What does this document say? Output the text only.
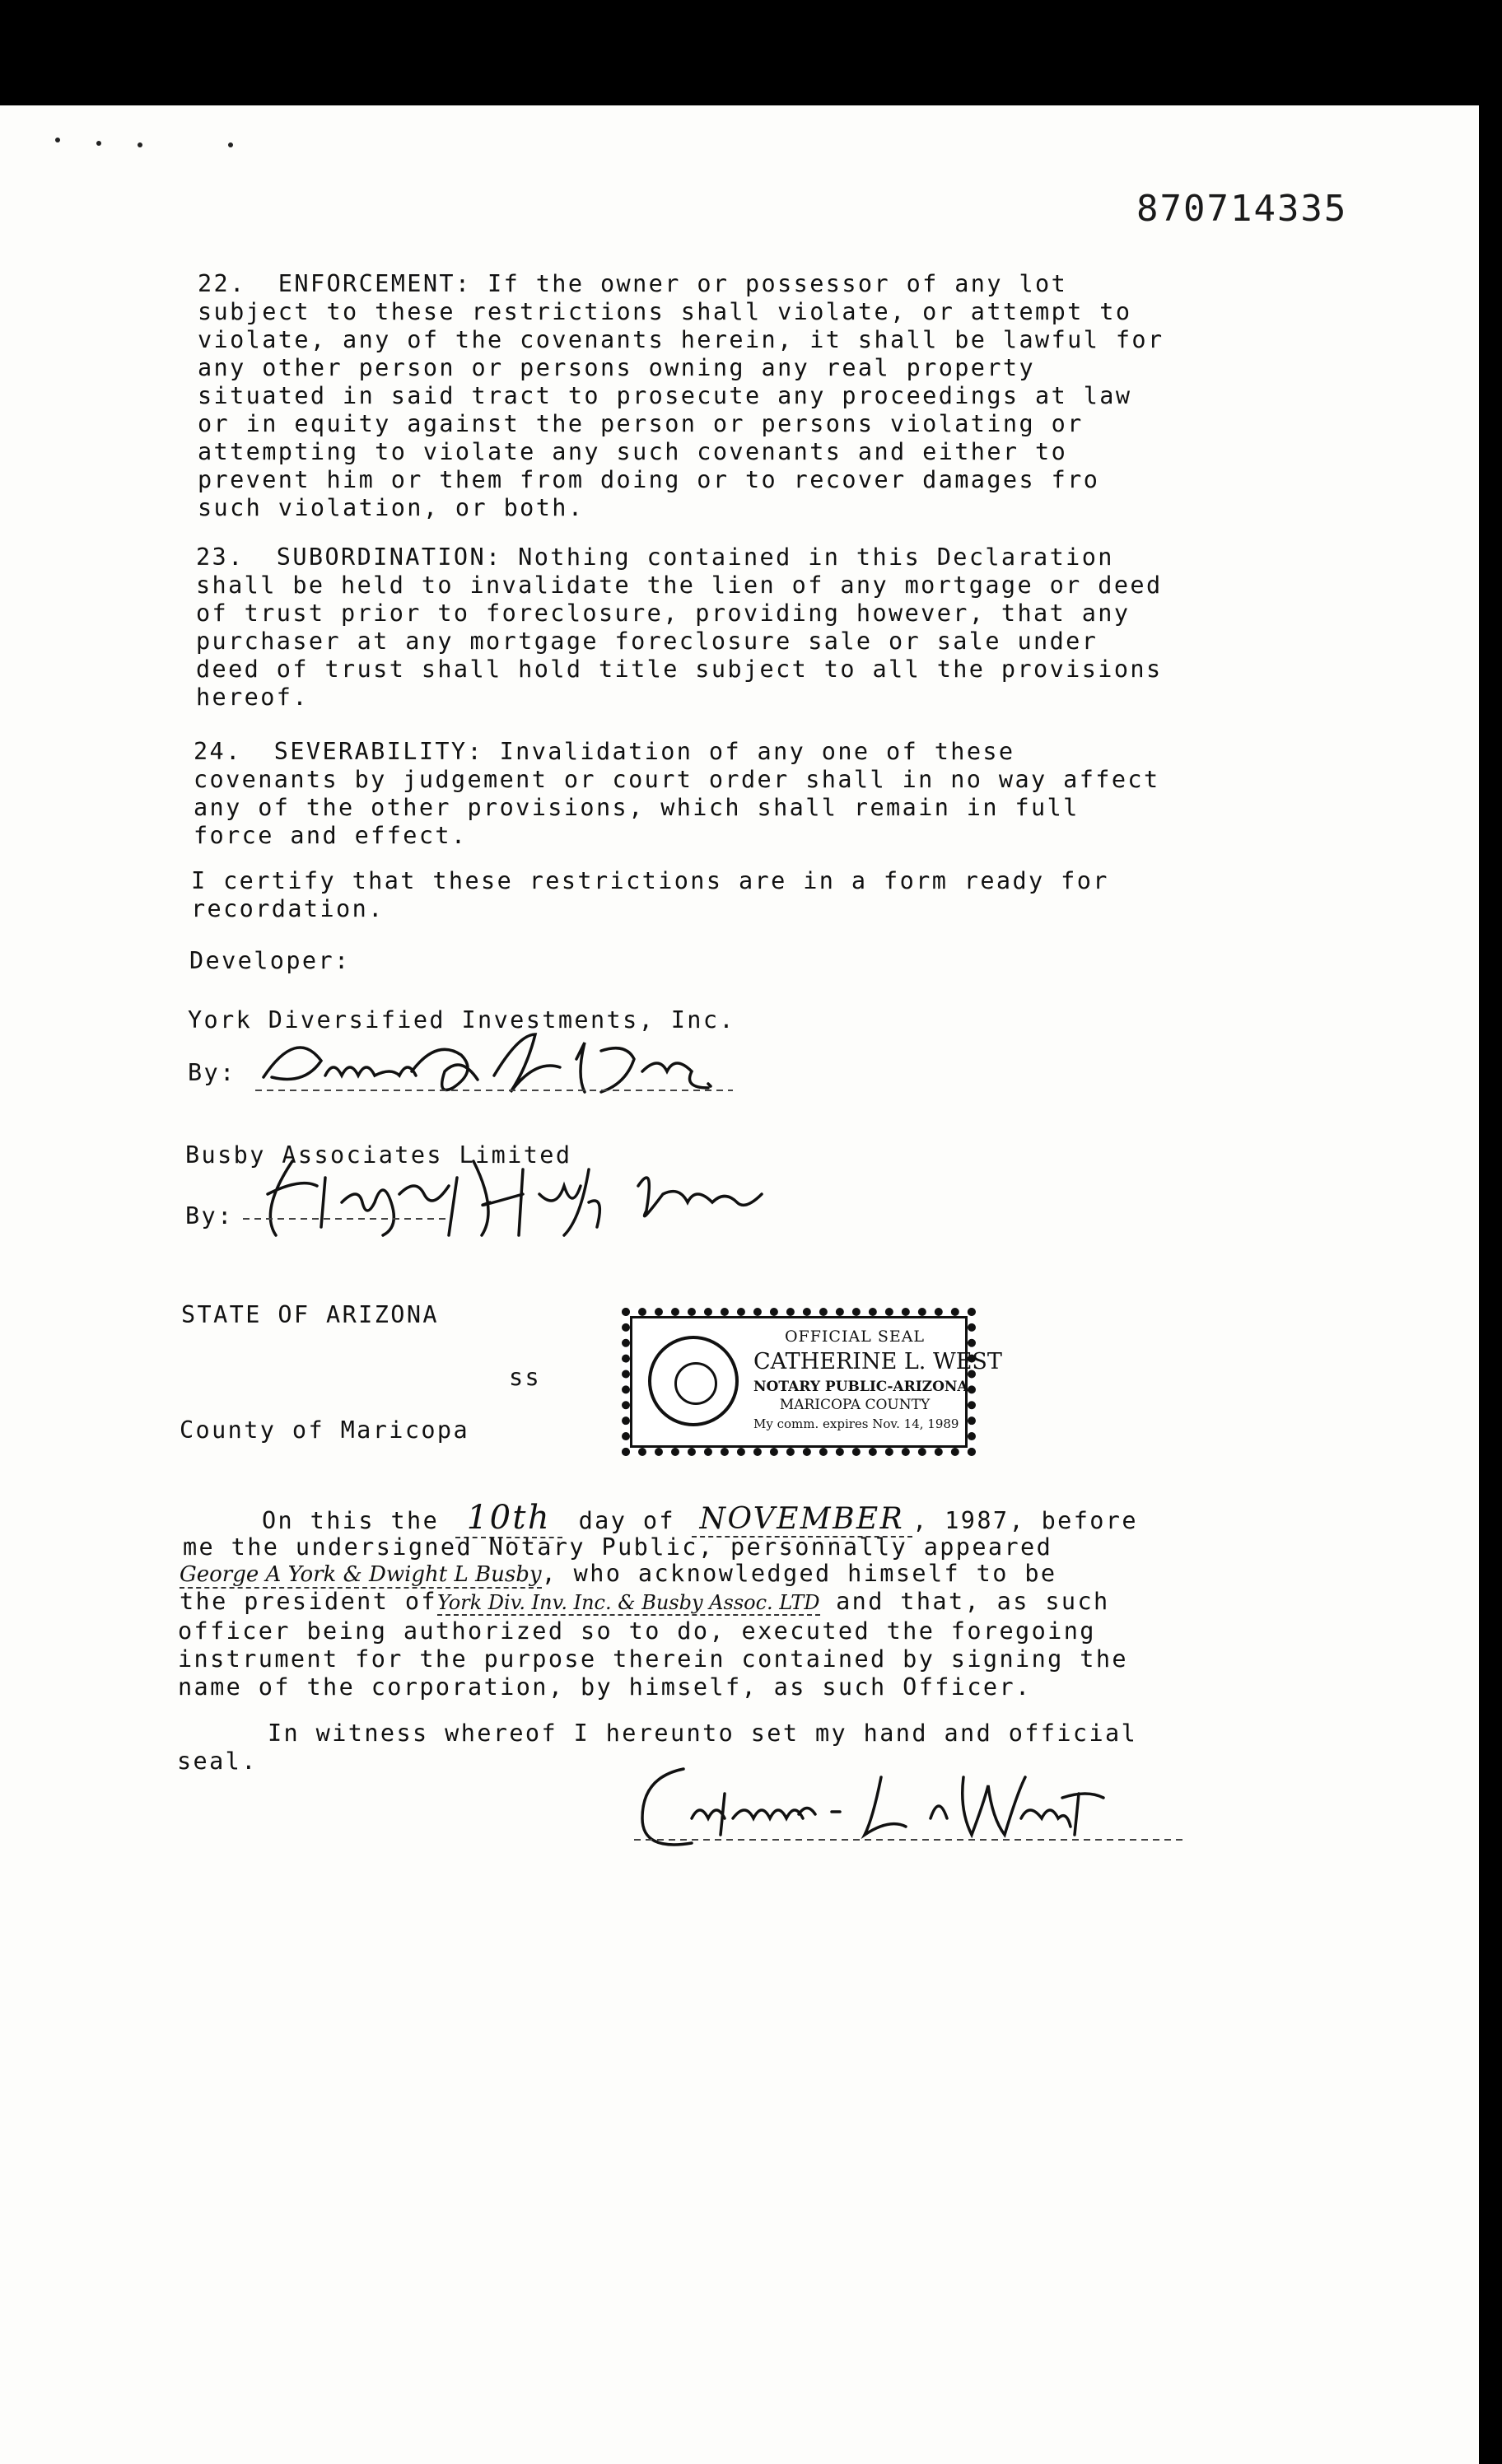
870714335
22.  ENFORCEMENT: If the owner or possessor of any lot
subject to these restrictions shall violate, or attempt to
violate, any of the covenants herein, it shall be lawful for
any other person or persons owning any real property
situated in said tract to prosecute any proceedings at law
or in equity against the person or persons violating or
attempting to violate any such covenants and either to
prevent him or them from doing or to recover damages fro
such violation, or both.
23.  SUBORDINATION: Nothing contained in this Declaration
shall be held to invalidate the lien of any mortgage or deed
of trust prior to foreclosure, providing however, that any
purchaser at any mortgage foreclosure sale or sale under
deed of trust shall hold title subject to all the provisions
hereof.
24.  SEVERABILITY: Invalidation of any one of these
covenants by judgement or court order shall in no way affect
any of the other provisions, which shall remain in full
force and effect.
I certify that these restrictions are in a form ready for
recordation.
Developer:
York Diversified Investments, Inc.
By:
Busby Associates Limited
By:
STATE OF ARIZONA
ss
County of Maricopa
OFFICIAL SEAL
CATHERINE L. WEST
NOTARY PUBLIC-ARIZONA
MARICOPA COUNTY
My comm. expires Nov. 14, 1989
On this the 10th day of NOVEMBER , 1987, before
me the undersigned Notary Public, personnally appeared
George A York & Dwight L Busby, who acknowledged himself to be
the president ofYork Div. Inv. Inc. & Busby Assoc. LTD and that, as such
officer being authorized so to do, executed the foregoing
instrument for the purpose therein contained by signing the
name of the corporation, by himself, as such Officer.
In witness whereof I hereunto set my hand and official
seal.
